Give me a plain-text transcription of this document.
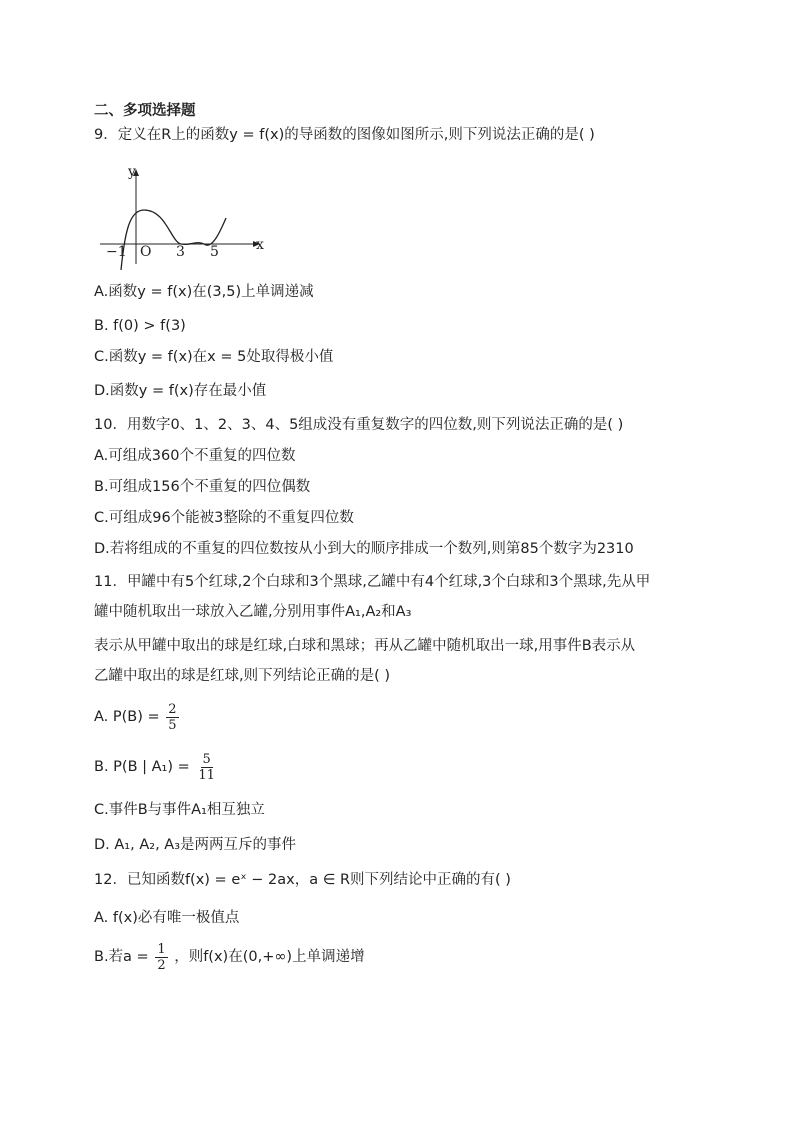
二、多项选择题
9．定义在R上的函数y = f(x)的导函数的图像如图所示,则下列说法正确的是( )
y
x
O
−1	3 5
A.函数y = f(x)在(3,5)上单调递减
B. f(0) > f(3)
C.函数y = f(x)在x = 5处取得极小值
D.函数y = f(x)存在最小值
10．用数字0、1、2、3、4、5组成没有重复数字的四位数,则下列说法正确的是( )
A.可组成360个不重复的四位数
B.可组成156个不重复的四位偶数
C.可组成96个能被3整除的不重复四位数
D.若将组成的不重复的四位数按从小到大的顺序排成一个数列,则第85个数字为2310
11．甲罐中有5个红球,2个白球和3个黑球,乙罐中有4个红球,3个白球和3个黑球,先从甲
罐中随机取出一球放入乙罐,分别用事件A₁,A₂和A₃
表示从甲罐中取出的球是红球,白球和黑球；再从乙罐中随机取出一球,用事件B表示从
乙罐中取出的球是红球,则下列结论正确的是( )
A. $P(B) = \frac{2}{5}$
B. P(B | $A_1) = \frac{5}{11}$
C.事件B与事件A₁相互独立
D. A₁, A₂, A₃是两两互斥的事件
12．已知函数f(x) = eˣ − 2ax，a ∈ R则下列结论中正确的有( )
A. f(x)必有唯一极值点
B.若$a = \frac{1}{2}$ ，则f(x)在(0,+∞)上单调递增
